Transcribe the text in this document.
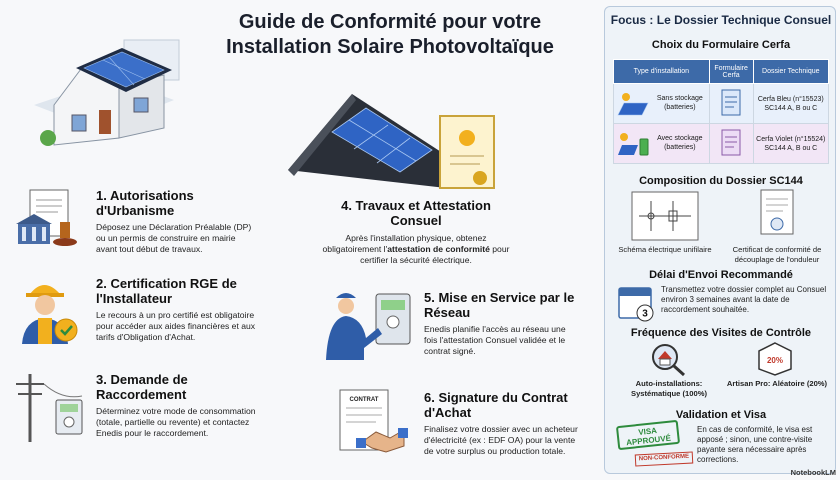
Guide de Conformité pour votre
Installation Solaire Photovoltaïque
1. Autorisations d'Urbanisme
Déposez une Déclaration Préalable (DP) ou un permis de construire en mairie avant tout début de travaux.
2. Certification RGE de l'Installateur
Le recours à un pro certifié est obligatoire pour accéder aux aides financières et aux tarifs d'Obligation d'Achat.
3. Demande de Raccordement
Déterminez votre mode de consommation (totale, partielle ou revente) et contactez Enedis pour le raccordement.
4. Travaux et Attestation Consuel
Après l'installation physique, obtenez obligatoirement l'attestation de conformité pour certifier la sécurité électrique.
5. Mise en Service par le Réseau
Enedis planifie l'accès au réseau une fois l'attestation Consuel validée et le contrat signé.
CONTRAT	6. Signature du Contrat d'Achat
Finalisez votre dossier avec un acheteur d'électricité (ex : EDF OA) pour la vente de votre surplus ou production totale.
Focus : Le Dossier Technique Consuel
Choix du Formulaire Cerfa
Type d'installation	Formulaire Cerfa	Dossier Technique

Sans stockage (batteries)		Cerfa Bleu (n°15523) SC144 A, B ou C

Avec stockage (batteries)		Cerfa Violet (n°15524) SC144 A, B ou C
Composition du Dossier SC144
Schéma électrique unifilaire	Certificat de conformité de découplage de l'onduleur
Délai d'Envoi Recommandé
3
Transmettez votre dossier complet au Consuel environ 3 semaines avant la date de raccordement souhaitée.
Fréquence des Visites de Contrôle
Auto-installations: Systématique (100%)
20%
Artisan Pro: Aléatoire (20%)
Validation et Visa
VISA APPROUVÉ
NON-CONFORME
En cas de conformité, le visa est apposé ; sinon, une contre-visite payante sera nécessaire après corrections.
NotebookLM
